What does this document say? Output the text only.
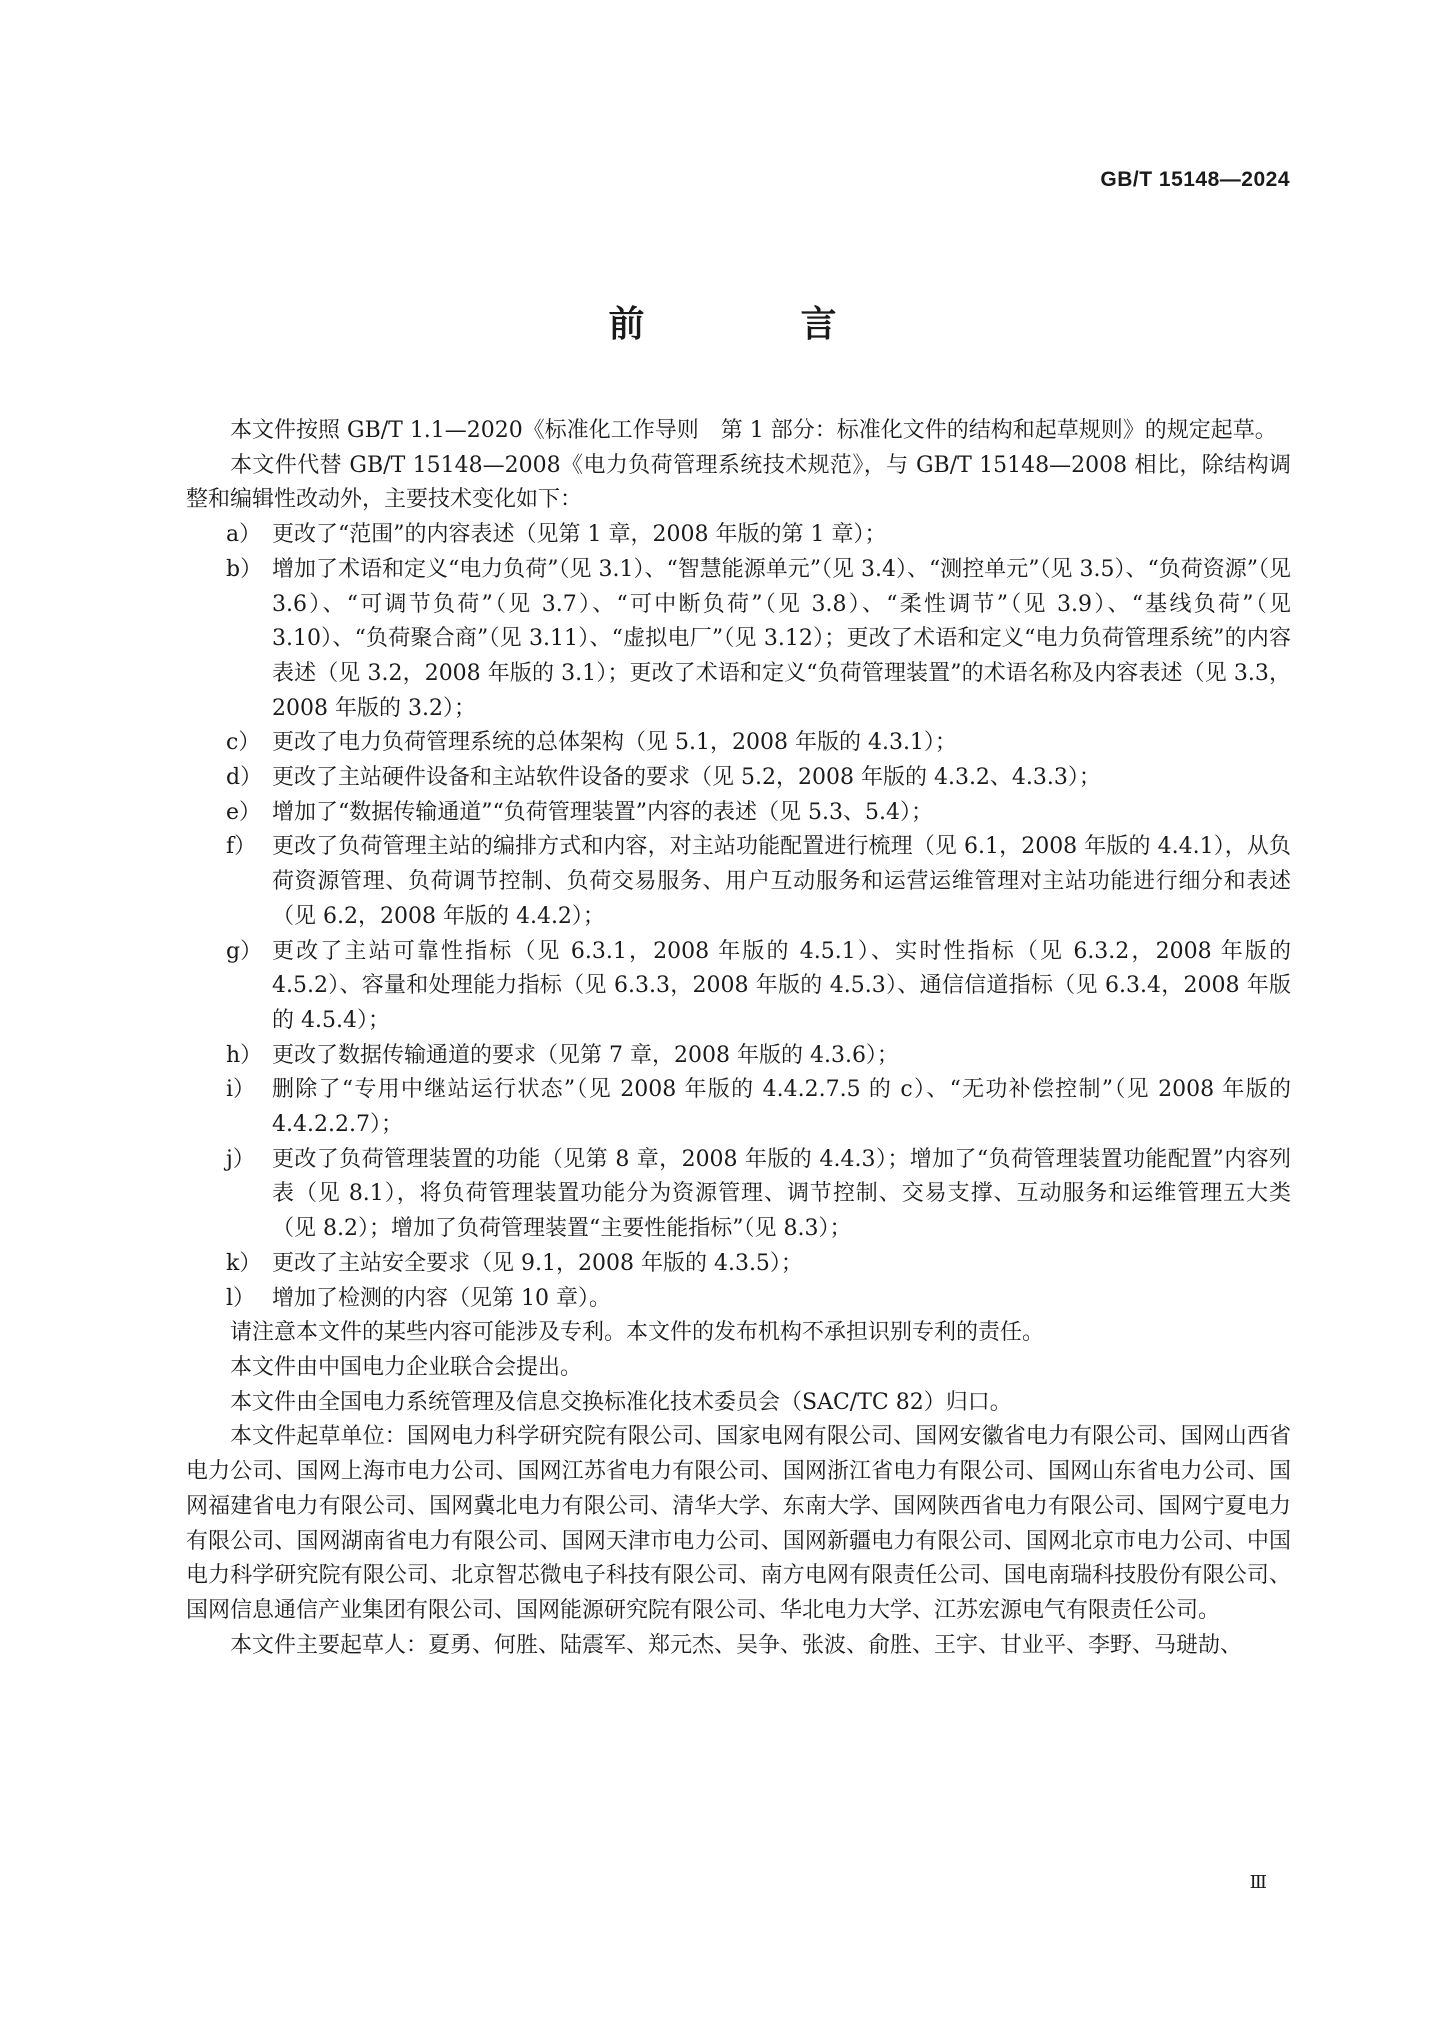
GB/T 15148—2024
前　言

本文件按照 GB/T 1.1—2020《标准化工作导则　第 1 部分：标准化文件的结构和起草规则》的规定起草。

本文件代替 GB/T 15148—2008《电力负荷管理系统技术规范》，与 GB/T 15148—2008 相比，除结构调整和编辑性改动外，主要技术变化如下：

a） 更改了“范围”的内容表述（见第 1 章，2008 年版的第 1 章）；
b） 增加了术语和定义“电力负荷”（见 3.1）、“智慧能源单元”（见 3.4）、“测控单元”（见 3.5）、“负荷资源”（见 3.6）、“可调节负荷”（见 3.7）、“可中断负荷”（见 3.8）、“柔性调节”（见 3.9）、“基线负荷”（见 3.10）、“负荷聚合商”（见 3.11）、“虚拟电厂”（见 3.12）；更改了术语和定义“电力负荷管理系统”的内容表述（见 3.2，2008 年版的 3.1）；更改了术语和定义“负荷管理装置”的术语名称及内容表述（见 3.3，2008 年版的 3.2）；
c） 更改了电力负荷管理系统的总体架构（见 5.1，2008 年版的 4.3.1）；
d） 更改了主站硬件设备和主站软件设备的要求（见 5.2，2008 年版的 4.3.2、4.3.3）；
e） 增加了“数据传输通道”“负荷管理装置”内容的表述（见 5.3、5.4）；
f） 更改了负荷管理主站的编排方式和内容，对主站功能配置进行梳理（见 6.1，2008 年版的 4.4.1），从负荷资源管理、负荷调节控制、负荷交易服务、用户互动服务和运营运维管理对主站功能进行细分和表述（见 6.2，2008 年版的 4.4.2）；
g） 更改了主站可靠性指标（见 6.3.1，2008 年版的 4.5.1）、实时性指标（见 6.3.2，2008 年版的 4.5.2）、容量和处理能力指标（见 6.3.3，2008 年版的 4.5.3）、通信信道指标（见 6.3.4，2008 年版的 4.5.4）；
h） 更改了数据传输通道的要求（见第 7 章，2008 年版的 4.3.6）；
i） 删除了“专用中继站运行状态”（见 2008 年版的 4.4.2.7.5 的 c）、“无功补偿控制”（见 2008 年版的 4.4.2.2.7）；
j） 更改了负荷管理装置的功能（见第 8 章，2008 年版的 4.4.3）；增加了“负荷管理装置功能配置”内容列表（见 8.1），将负荷管理装置功能分为资源管理、调节控制、交易支撑、互动服务和运维管理五大类（见 8.2）；增加了负荷管理装置“主要性能指标”（见 8.3）；
k） 更改了主站安全要求（见 9.1，2008 年版的 4.3.5）；
l） 增加了检测的内容（见第 10 章）。

请注意本文件的某些内容可能涉及专利。本文件的发布机构不承担识别专利的责任。

本文件由中国电力企业联合会提出。

本文件由全国电力系统管理及信息交换标准化技术委员会（SAC/TC 82）归口。

本文件起草单位：国网电力科学研究院有限公司、国家电网有限公司、国网安徽省电力有限公司、国网山西省电力公司、国网上海市电力公司、国网江苏省电力有限公司、国网浙江省电力有限公司、国网山东省电力公司、国网福建省电力有限公司、国网冀北电力有限公司、清华大学、东南大学、国网陕西省电力有限公司、国网宁夏电力有限公司、国网湖南省电力有限公司、国网天津市电力公司、国网新疆电力有限公司、国网北京市电力公司、中国电力科学研究院有限公司、北京智芯微电子科技有限公司、南方电网有限责任公司、国电南瑞科技股份有限公司、国网信息通信产业集团有限公司、国网能源研究院有限公司、华北电力大学、江苏宏源电气有限责任公司。

本文件主要起草人：夏勇、何胜、陆震军、郑元杰、吴争、张波、俞胜、王宇、甘业平、李野、马琎劼、

Ⅲ
